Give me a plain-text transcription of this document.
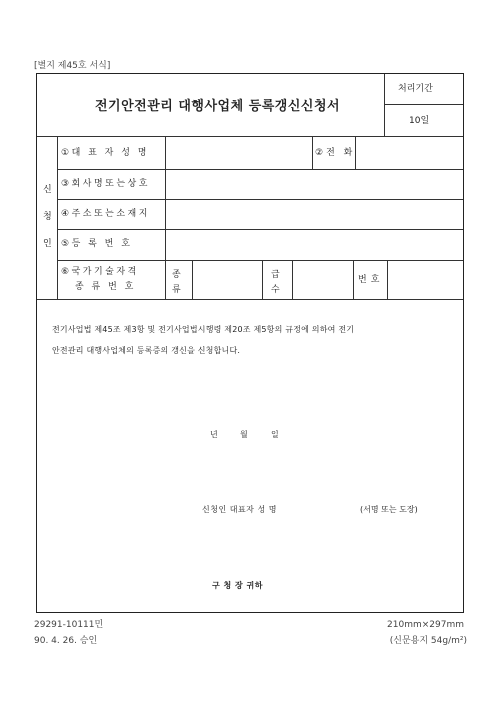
[별지 제45호 서식]
전기안전관리 대행사업체 등록갱신신청서
처리기간
10일
신
청
인
①대 표 자 성 명	②전 화
③회사명또는상호
④주소또는소재지
⑤등 록 번 호
⑥국가기술자격
종 류 번 호
종류
급수
번호
전기사업법 제45조 제3항 및 전기사업법시행령 제20조 제5항의 규정에 의하여 전기
안전관리 대행사업체의 등록증의 갱신을 신청합니다.
년	월	일
신청인 대표자 성 명	(서명 또는 도장)
구 청 장 귀하
29291-10111민
90. 4. 26. 승인
210mm×297mm
(신문용지 54g/m²)
